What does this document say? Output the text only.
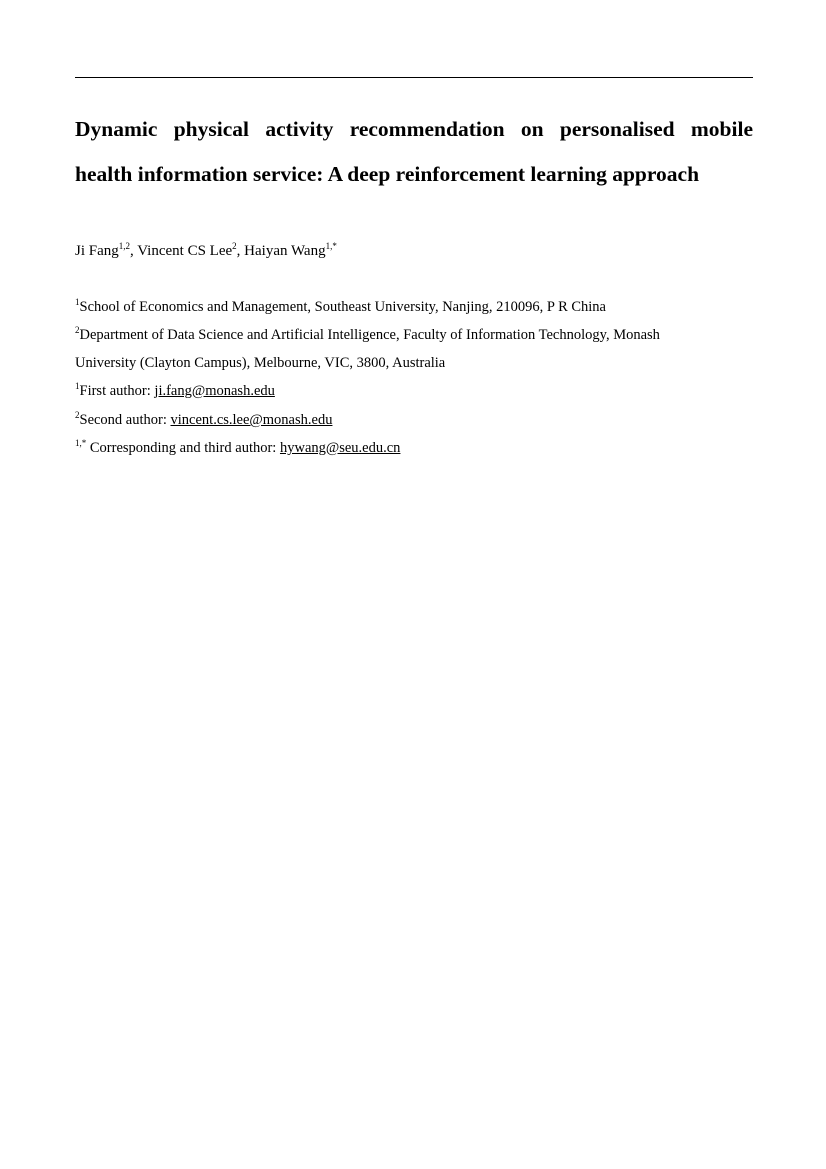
Dynamic physical activity recommendation on personalised mobile
health information service: A deep reinforcement learning approach

Ji Fang$^{1,2}$, Vincent CS Lee$^2$, Haiyan Wang$^{1,*}$

$^1$School of Economics and Management, Southeast University, Nanjing, 210096, P R China

$^2$Department of Data Science and Artificial Intelligence, Faculty of Information Technology, Monash

University (Clayton Campus), Melbourne, VIC, 3800, Australia

$^1$First author: ji.fang@monash.edu

$^2$Second author: vincent.cs.lee@monash.edu

$^{1,*}$ Corresponding and third author: hywang@seu.edu.cn
